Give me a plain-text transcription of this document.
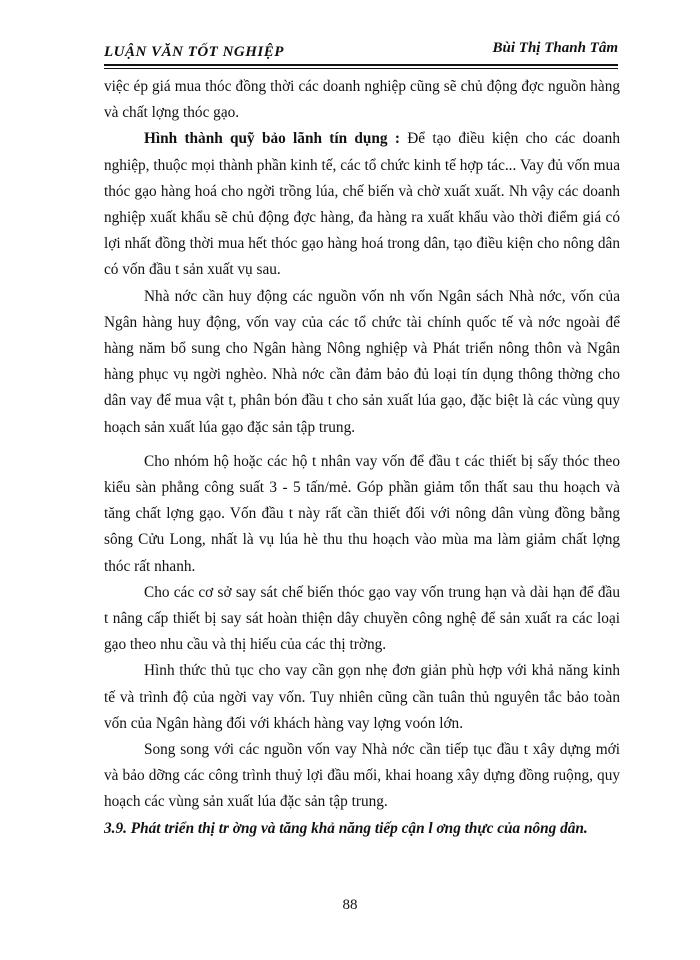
LUẬN VĂN TỐT NGHIỆP	Bùi Thị Thanh Tâm

việc ép giá mua thóc đồng thời các doanh nghiệp cũng sẽ chủ động đợc nguồn hàng và chất lợng thóc gạo.

Hình thành quỹ bảo lãnh tín dụng : Để tạo điều kiện cho các doanh nghiệp, thuộc mọi thành phần kinh tế, các tổ chức kinh tế hợp tác... Vay đủ vốn mua thóc gạo hàng hoá cho ngời trồng lúa, chế biến và chờ xuất xuất. Nh vậy các doanh nghiệp xuất khẩu sẽ chủ động đợc hàng, đa hàng ra xuất khẩu vào thời điểm giá có lợi nhất đồng thời mua hết thóc gạo hàng hoá trong dân, tạo điều kiện cho nông dân có vốn đầu t sản xuất vụ sau.

Nhà nớc cần huy động các nguồn vốn nh vốn Ngân sách Nhà nớc, vốn của Ngân hàng huy động, vốn vay của các tổ chức tài chính quốc tế và nớc ngoài để hàng năm bổ sung cho Ngân hàng Nông nghiệp và Phát triển nông thôn và Ngân hàng phục vụ ngời nghèo. Nhà nớc cần đảm bảo đủ loại tín dụng thông thờng cho dân vay để mua vật t, phân bón đầu t cho sản xuất lúa gạo, đặc biệt là các vùng quy hoạch sản xuất lúa gạo đặc sản tập trung.

Cho nhóm hộ hoặc các hộ t nhân vay vốn để đầu t các thiết bị sấy thóc theo kiểu sàn phẳng công suất 3 - 5 tấn/mẻ. Góp phần giảm tổn thất sau thu hoạch và tăng chất lợng gạo. Vốn đầu t này rất cần thiết đối với nông dân vùng đồng bằng sông Cửu Long, nhất là vụ lúa hè thu thu hoạch vào mùa ma làm giảm chất lợng thóc rất nhanh.

Cho các cơ sở say sát chế biến thóc gạo vay vốn trung hạn và dài hạn để đầu t nâng cấp thiết bị say sát hoàn thiện dây chuyền công nghệ để sản xuất ra các loại gạo theo nhu cầu và thị hiếu của các thị trờng.

Hình thức thủ tục cho vay cần gọn nhẹ đơn giản phù hợp với khả năng kinh tế và trình độ của ngời vay vốn. Tuy nhiên cũng cần tuân thủ nguyên tắc bảo toàn vốn của Ngân hàng đối với khách hàng vay lợng voón lớn.

Song song với các nguồn vốn vay Nhà nớc cần tiếp tục đầu t xây dựng mới và bảo dỡng các công trình thuỷ lợi đầu mối, khai hoang xây dựng đồng ruộng, quy hoạch các vùng sản xuất lúa đặc sản tập trung.

3.9. Phát triển thị tr ờng và tăng khả năng tiếp cận l ơng thực của nông dân.

88
